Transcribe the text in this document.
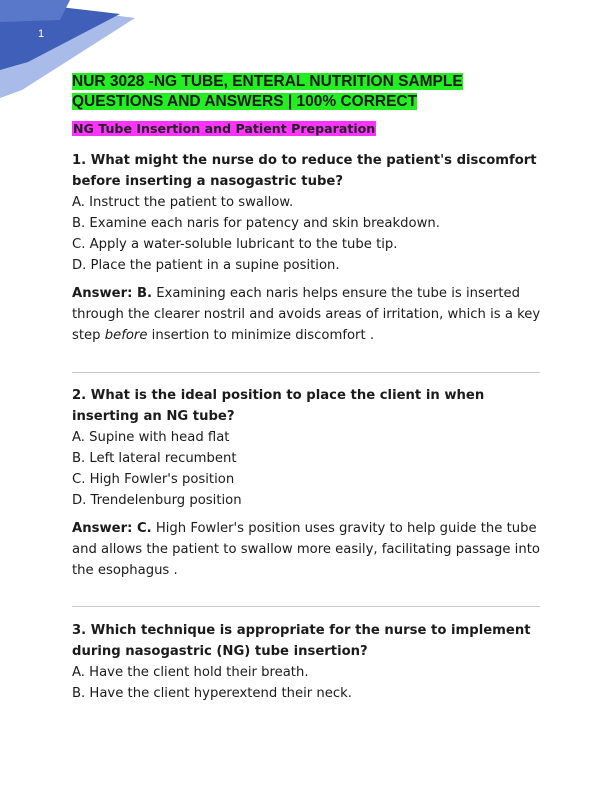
1
NUR 3028 -NG TUBE, ENTERAL NUTRITION SAMPLE QUESTIONS AND ANSWERS | 100% CORRECT
NG Tube Insertion and Patient Preparation

1. What might the nurse do to reduce the patient's discomfort before inserting a nasogastric tube?

A. Instruct the patient to swallow.

B. Examine each naris for patency and skin breakdown.

C. Apply a water-soluble lubricant to the tube tip.

D. Place the patient in a supine position.

Answer: B. Examining each naris helps ensure the tube is inserted through the clearer nostril and avoids areas of irritation, which is a key step before insertion to minimize discomfort .

2. What is the ideal position to place the client in when inserting an NG tube?

A. Supine with head flat

B. Left lateral recumbent

C. High Fowler's position

D. Trendelenburg position

Answer: C. High Fowler's position uses gravity to help guide the tube and allows the patient to swallow more easily, facilitating passage into the esophagus .

3. Which technique is appropriate for the nurse to implement during nasogastric (NG) tube insertion?

A. Have the client hold their breath.

B. Have the client hyperextend their neck.
